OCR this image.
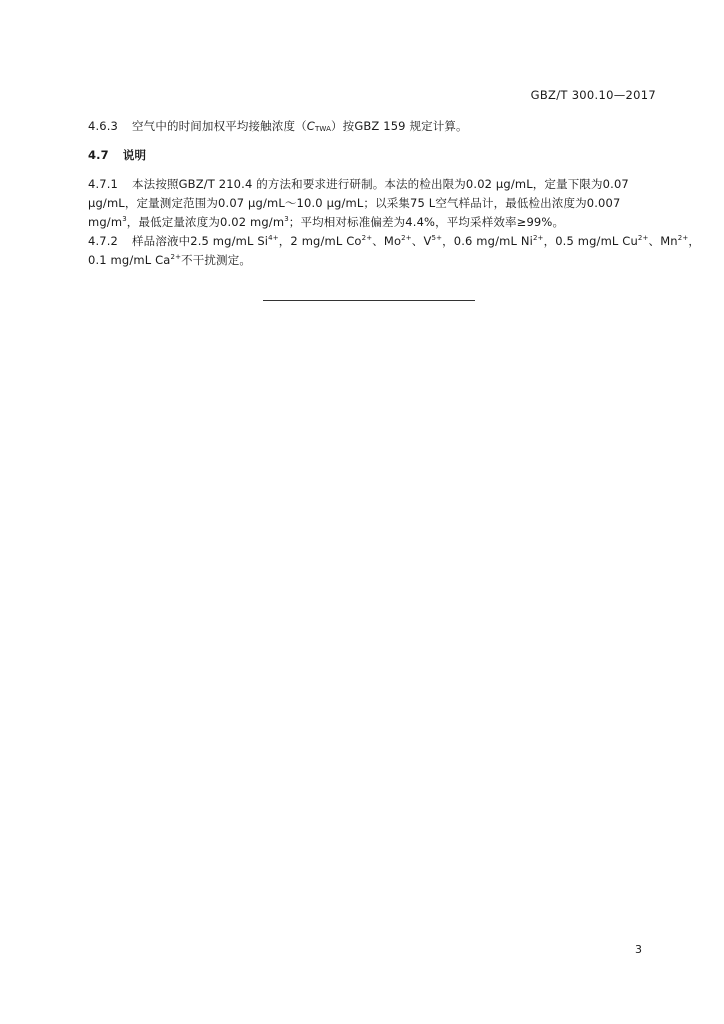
GBZ/T 300.10—2017
4.6.3 空气中的时间加权平均接触浓度$(C_{TWA})$按GBZ 159 规定计算。
4.7 说明
4.7.1 本法按照GBZ/T 210.4 的方法和要求进行研制。本法的检出限为0.02 μg/mL，定量下限为0.07
μg/mL，定量测定范围为0.07 μg/mL～10.0 μg/mL；以采集75 L空气样品计，最低检出浓度为0.007
$mg/m^3$，最低定量浓度为0.02 $mg/m^3$；平均相对标准偏差为4.4%，平均采样效率≥99%。
4.7.2 样品溶液中2.5 mg/mL $Si^{4+}$，2 mg/mL $Co^{2+}$、$Mo^{2+}$、$V^{5+}$，0.6 mg/mL $Ni^{2+}$，0.5 mg/mL $Cu^{2+}$、$Mn^{2+}$，
0.1 mg/mL $Ca^{2+}$不干扰测定。
3
